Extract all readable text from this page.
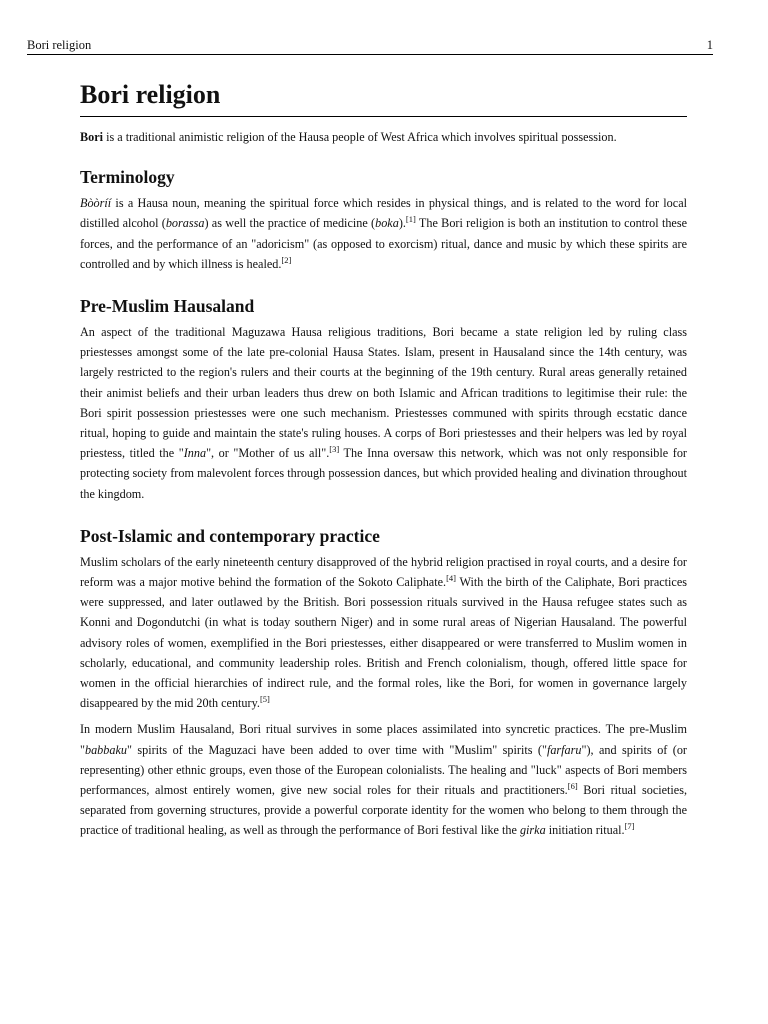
Bori religion	1
Bori religion

Bori is a traditional animistic religion of the Hausa people of West Africa which involves spiritual possession.

Terminology

Bòòríí is a Hausa noun, meaning the spiritual force which resides in physical things, and is related to the word for local distilled alcohol (borassa) as well the practice of medicine (boka).[1] The Bori religion is both an institution to control these forces, and the performance of an "adoricism" (as opposed to exorcism) ritual, dance and music by which these spirits are controlled and by which illness is healed.[2]

Pre-Muslim Hausaland

An aspect of the traditional Maguzawa Hausa religious traditions, Bori became a state religion led by ruling class priestesses amongst some of the late pre-colonial Hausa States. Islam, present in Hausaland since the 14th century, was largely restricted to the region's rulers and their courts at the beginning of the 19th century. Rural areas generally retained their animist beliefs and their urban leaders thus drew on both Islamic and African traditions to legitimise their rule: the Bori spirit possession priestesses were one such mechanism. Priestesses communed with spirits through ecstatic dance ritual, hoping to guide and maintain the state's ruling houses. A corps of Bori priestesses and their helpers was led by royal priestess, titled the "Inna", or "Mother of us all".[3] The Inna oversaw this network, which was not only responsible for protecting society from malevolent forces through possession dances, but which provided healing and divination throughout the kingdom.

Post-Islamic and contemporary practice

Muslim scholars of the early nineteenth century disapproved of the hybrid religion practised in royal courts, and a desire for reform was a major motive behind the formation of the Sokoto Caliphate.[4] With the birth of the Caliphate, Bori practices were suppressed, and later outlawed by the British. Bori possession rituals survived in the Hausa refugee states such as Konni and Dogondutchi (in what is today southern Niger) and in some rural areas of Nigerian Hausaland. The powerful advisory roles of women, exemplified in the Bori priestesses, either disappeared or were transferred to Muslim women in scholarly, educational, and community leadership roles. British and French colonialism, though, offered little space for women in the official hierarchies of indirect rule, and the formal roles, like the Bori, for women in governance largely disappeared by the mid 20th century.[5]

In modern Muslim Hausaland, Bori ritual survives in some places assimilated into syncretic practices. The pre-Muslim "babbaku" spirits of the Maguzaci have been added to over time with "Muslim" spirits ("farfaru"), and spirits of (or representing) other ethnic groups, even those of the European colonialists. The healing and "luck" aspects of Bori members performances, almost entirely women, give new social roles for their rituals and practitioners.[6] Bori ritual societies, separated from governing structures, provide a powerful corporate identity for the women who belong to them through the practice of traditional healing, as well as through the performance of Bori festival like the girka initiation ritual.[7]
